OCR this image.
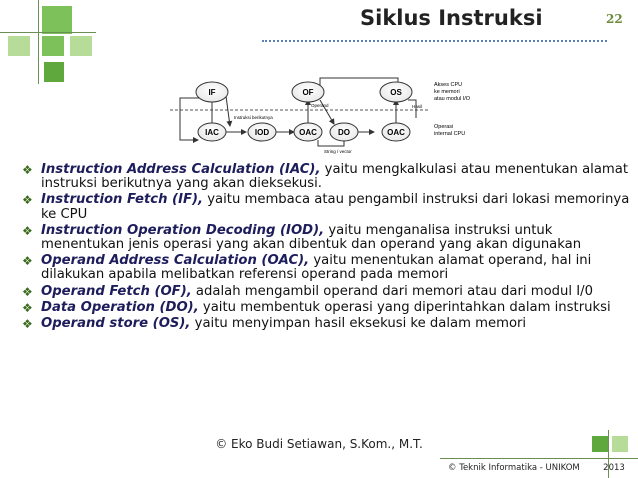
Siklus Instruksi	22
IF	OF	OS
IAC	IOD	OAC	DO	OAC
Instruksi berikutnya
Operand	Hasil
String / vector
Akses CPU
ke memori
atau modul I/O
Operasi
internal CPU
❖ Instruction Address Calculation (IAC), yaitu mengkalkulasi atau menentukan alamat instruksi berikutnya yang akan dieksekusi.
❖ Instruction Fetch (IF), yaitu membaca atau pengambil instruksi dari lokasi memorinya ke CPU
❖ Instruction Operation Decoding (IOD), yaitu menganalisa instruksi untuk menentukan jenis operasi yang akan dibentuk dan operand yang akan digunakan
❖ Operand Address Calculation (OAC), yaitu menentukan alamat operand, hal ini dilakukan apabila melibatkan referensi operand pada memori
❖ Operand Fetch (OF), adalah mengambil operand dari memori atau dari modul I/0
❖ Data Operation (DO), yaitu membentuk operasi yang diperintahkan dalam instruksi
❖ Operand store (OS), yaitu menyimpan hasil eksekusi ke dalam memori
© Eko Budi Setiawan, S.Kom., M.T.
© Teknik Informatika - UNIKOM	2013
